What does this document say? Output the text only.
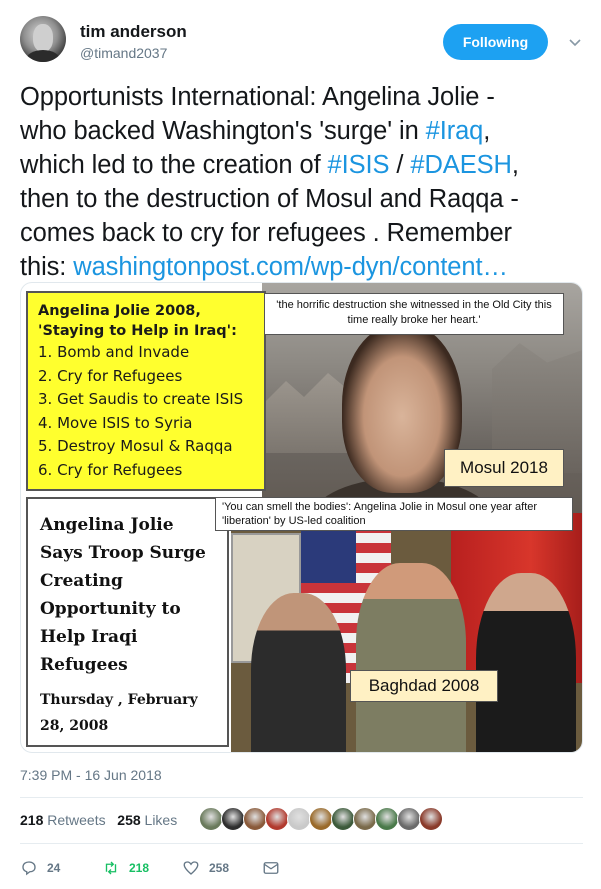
tim anderson
@timand2037
Following
Opportunists International: Angelina Jolie -
who backed Washington's 'surge' in #Iraq,
which led to the creation of #ISIS / #DAESH,
then to the destruction of Mosul and Raqqa -
comes back to cry for refugees . Remember
this: washingtonpost.com/wp-dyn/content…
Angelina Jolie 2008,
'Staying to Help in Iraq':
1. Bomb and Invade
2. Cry for Refugees
3. Get Saudis to create ISIS
4. Move ISIS to Syria
5. Destroy Mosul & Raqqa
6. Cry for Refugees
'the horrific destruction she witnessed in the Old City this time really broke her heart.'
Mosul 2018
Angelina Jolie
Says Troop Surge
Creating
Opportunity to
Help Iraqi
Refugees
Thursday , February
28, 2008
'You can smell the bodies': Angelina Jolie in Mosul one year after 'liberation' by US-led coalition
Baghdad 2008
7:39 PM - 16 Jun 2018
218 Retweets 258 Likes
24	218	258
